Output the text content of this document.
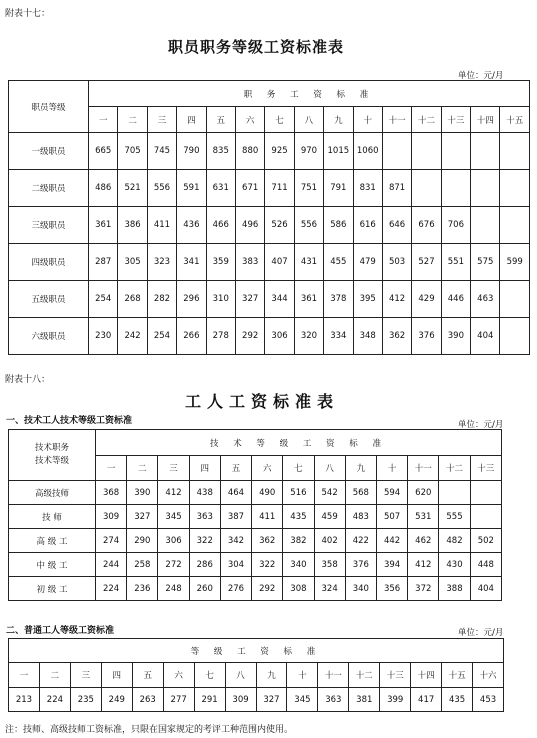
附表十七：
职员职务等级工资标准表
单位：元/月
职员等级	职 务 工 资 标 准														
	一	二	三	四	五	六	七	八	九	十	十一	十二	十三	十四	十五
一级职员	665	705	745	790	835	880	925	970	1015	1060					
二级职员	486	521	556	591	631	671	711	751	791	831	871				
三级职员	361	386	411	436	466	496	526	556	586	616	646	676	706		
四级职员	287	305	323	341	359	383	407	431	455	479	503	527	551	575	599
五级职员	254	268	282	296	310	327	344	361	378	395	412	429	446	463	
六级职员	230	242	254	266	278	292	306	320	334	348	362	376	390	404	
附表十八：
工人工资标准表
一、技术工人技术等级工资标准	单位：元/月
技术职务
技术等级	技 术 等 级 工 资 标 准												
	一	二	三	四	五	六	七	八	九	十	十一	十二	十三
高级技师	368	390	412	438	464	490	516	542	568	594	620		
技 师	309	327	345	363	387	411	435	459	483	507	531	555	
高 级 工	274	290	306	322	342	362	382	402	422	442	462	482	502
中 级 工	244	258	272	286	304	322	340	358	376	394	412	430	448
初 级 工	224	236	248	260	276	292	308	324	340	356	372	388	404
二、普通工人等级工资标准	单位：元/月
等 级 工 资 标 准															
一	二	三	四	五	六	七	八	九	十	十一	十二	十三	十四	十五	十六
213	224	235	249	263	277	291	309	327	345	363	381	399	417	435	453
注：技师、高级技师工资标准，只限在国家规定的考评工种范围内使用。
